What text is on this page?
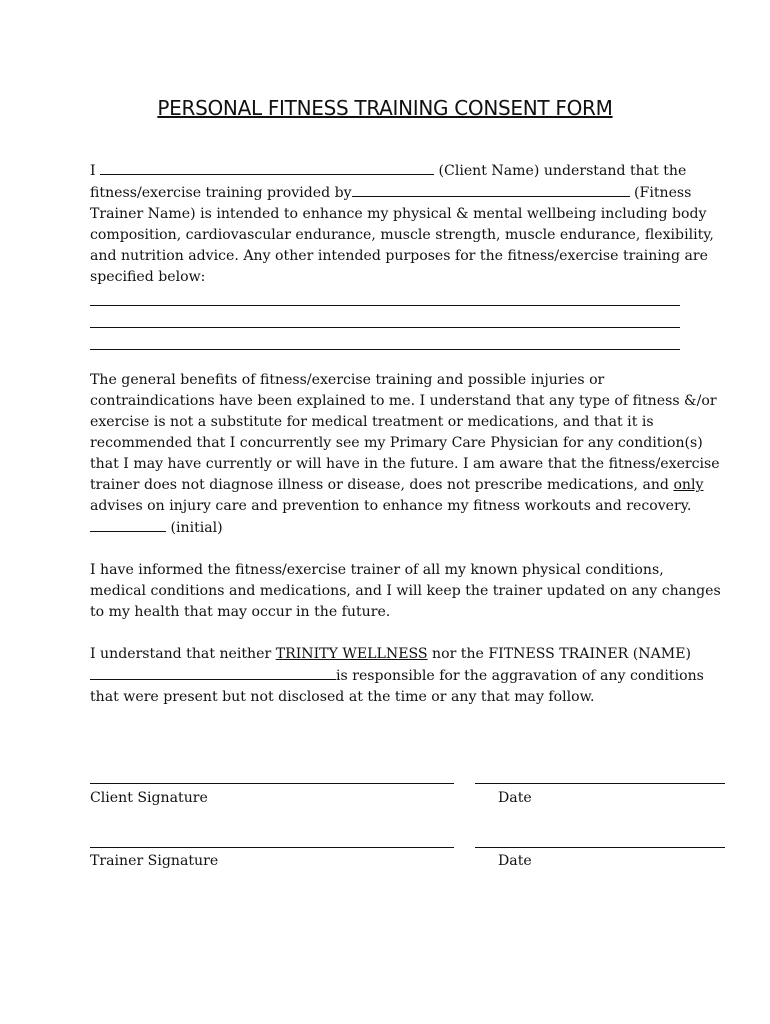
PERSONAL FITNESS TRAINING CONSENT FORM

I	(Client Name) understand that the
fitness/exercise training provided by	(Fitness
Trainer Name) is intended to enhance my physical & mental wellbeing including body
composition, cardiovascular endurance, muscle strength, muscle endurance, flexibility,
and nutrition advice. Any other intended purposes for the fitness/exercise training are
specified below:

The general benefits of fitness/exercise training and possible injuries or
contraindications have been explained to me. I understand that any type of fitness &/or
exercise is not a substitute for medical treatment or medications, and that it is
recommended that I concurrently see my Primary Care Physician for any condition(s)
that I may have currently or will have in the future. I am aware that the fitness/exercise
trainer does not diagnose illness or disease, does not prescribe medications, and only
advises on injury care and prevention to enhance my fitness workouts and recovery.
(initial)

I have informed the fitness/exercise trainer of all my known physical conditions,
medical conditions and medications, and I will keep the trainer updated on any changes
to my health that may occur in the future.

I understand that neither TRINITY WELLNESS nor the FITNESS TRAINER (NAME)
is responsible for the aggravation of any conditions
that were present but not disclosed at the time or any that may follow.

Client Signature	Date
Trainer Signature	Date
